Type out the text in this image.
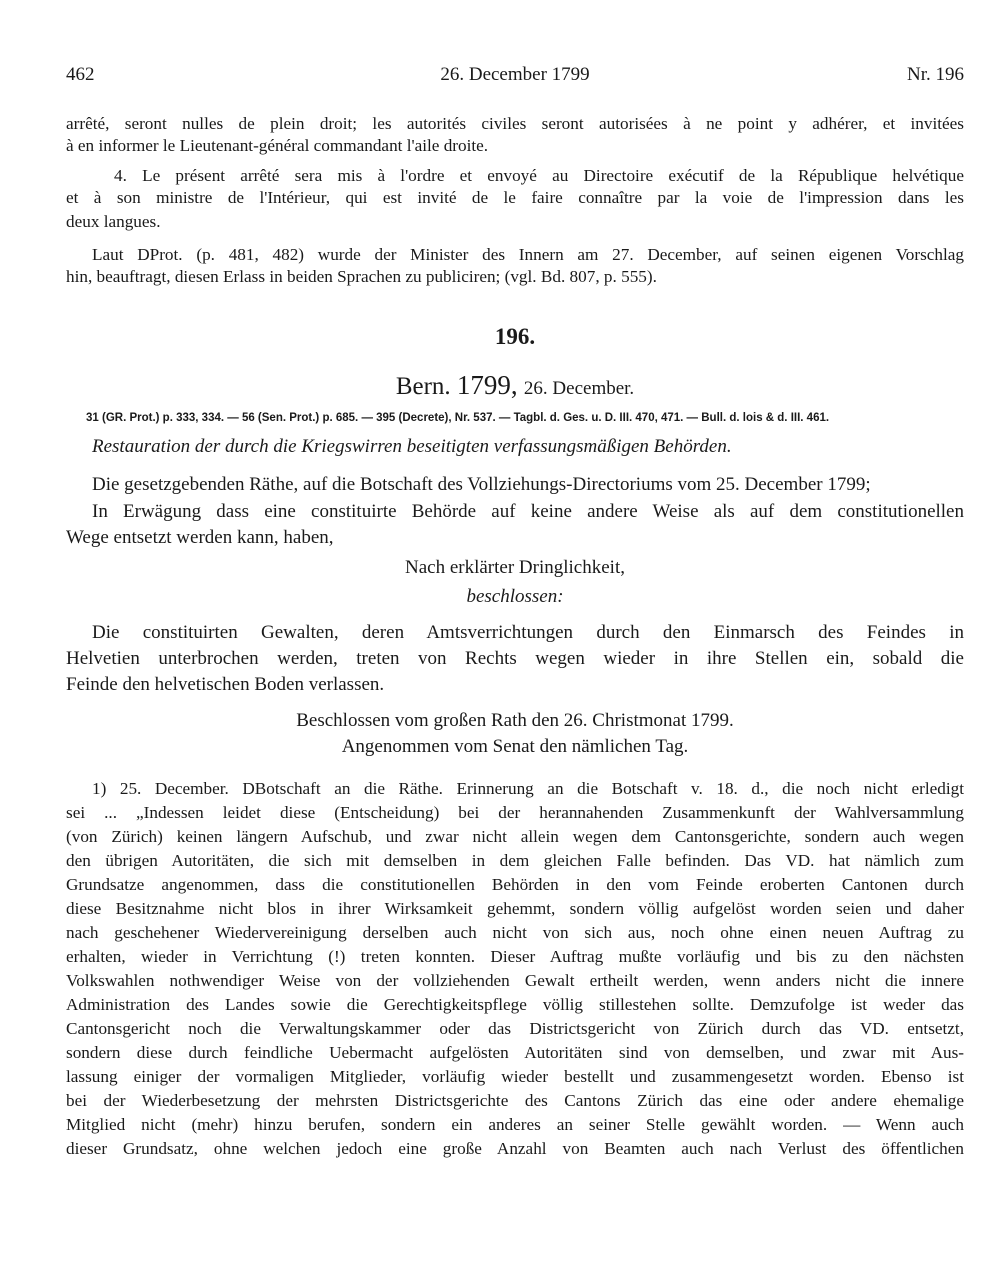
462	26. December 1799	Nr. 196
arrêté, seront nulles de plein droit; les autorités civiles seront autorisées à ne point y adhérer, et invitées
à en informer le Lieutenant-général commandant l'aile droite.
4. Le présent arrêté sera mis à l'ordre et envoyé au Directoire exécutif de la République helvétique
et à son ministre de l'Intérieur, qui est invité de le faire connaître par la voie de l'impression dans les
deux langues.
Laut DProt. (p. 481, 482) wurde der Minister des Innern am 27. December, auf seinen eigenen Vorschlag
hin, beauftragt, diesen Erlass in beiden Sprachen zu publiciren; (vgl. Bd. 807, p. 555).
196.
Bern. 1799, 26. December.
31 (GR. Prot.) p. 333, 334. — 56 (Sen. Prot.) p. 685. — 395 (Decrete), Nr. 537. — Tagbl. d. Ges. u. D. III. 470, 471. — Bull. d. lois & d. III. 461.
Restauration der durch die Kriegswirren beseitigten verfassungsmäßigen Behörden.
Die gesetzgebenden Räthe, auf die Botschaft des Vollziehungs-Directoriums vom 25. December 1799;
In Erwägung dass eine constituirte Behörde auf keine andere Weise als auf dem constitutionellen
Wege entsetzt werden kann, haben,
Nach erklärter Dringlichkeit,
beschlossen:
Die constituirten Gewalten, deren Amtsverrichtungen durch den Einmarsch des Feindes in
Helvetien unterbrochen werden, treten von Rechts wegen wieder in ihre Stellen ein, sobald die
Feinde den helvetischen Boden verlassen.
Beschlossen vom großen Rath den 26. Christmonat 1799.
Angenommen vom Senat den nämlichen Tag.
1) 25. December. DBotschaft an die Räthe. Erinnerung an die Botschaft v. 18. d., die noch nicht erledigt
sei ... „Indessen leidet diese (Entscheidung) bei der herannahenden Zusammenkunft der Wahlversammlung
(von Zürich) keinen längern Aufschub, und zwar nicht allein wegen dem Cantonsgerichte, sondern auch wegen
den übrigen Autoritäten, die sich mit demselben in dem gleichen Falle befinden. Das VD. hat nämlich zum
Grundsatze angenommen, dass die constitutionellen Behörden in den vom Feinde eroberten Cantonen durch
diese Besitznahme nicht blos in ihrer Wirksamkeit gehemmt, sondern völlig aufgelöst worden seien und daher
nach geschehener Wiedervereinigung derselben auch nicht von sich aus, noch ohne einen neuen Auftrag zu
erhalten, wieder in Verrichtung (!) treten konnten. Dieser Auftrag mußte vorläufig und bis zu den nächsten
Volkswahlen nothwendiger Weise von der vollziehenden Gewalt ertheilt werden, wenn anders nicht die innere
Administration des Landes sowie die Gerechtigkeitspflege völlig stillestehen sollte. Demzufolge ist weder das
Cantonsgericht noch die Verwaltungskammer oder das Districtsgericht von Zürich durch das VD. entsetzt,
sondern diese durch feindliche Uebermacht aufgelösten Autoritäten sind von demselben, und zwar mit Aus-
lassung einiger der vormaligen Mitglieder, vorläufig wieder bestellt und zusammengesetzt worden. Ebenso ist
bei der Wiederbesetzung der mehrsten Districtsgerichte des Cantons Zürich das eine oder andere ehemalige
Mitglied nicht (mehr) hinzu berufen, sondern ein anderes an seiner Stelle gewählt worden. — Wenn auch
dieser Grundsatz, ohne welchen jedoch eine große Anzahl von Beamten auch nach Verlust des öffentlichen
